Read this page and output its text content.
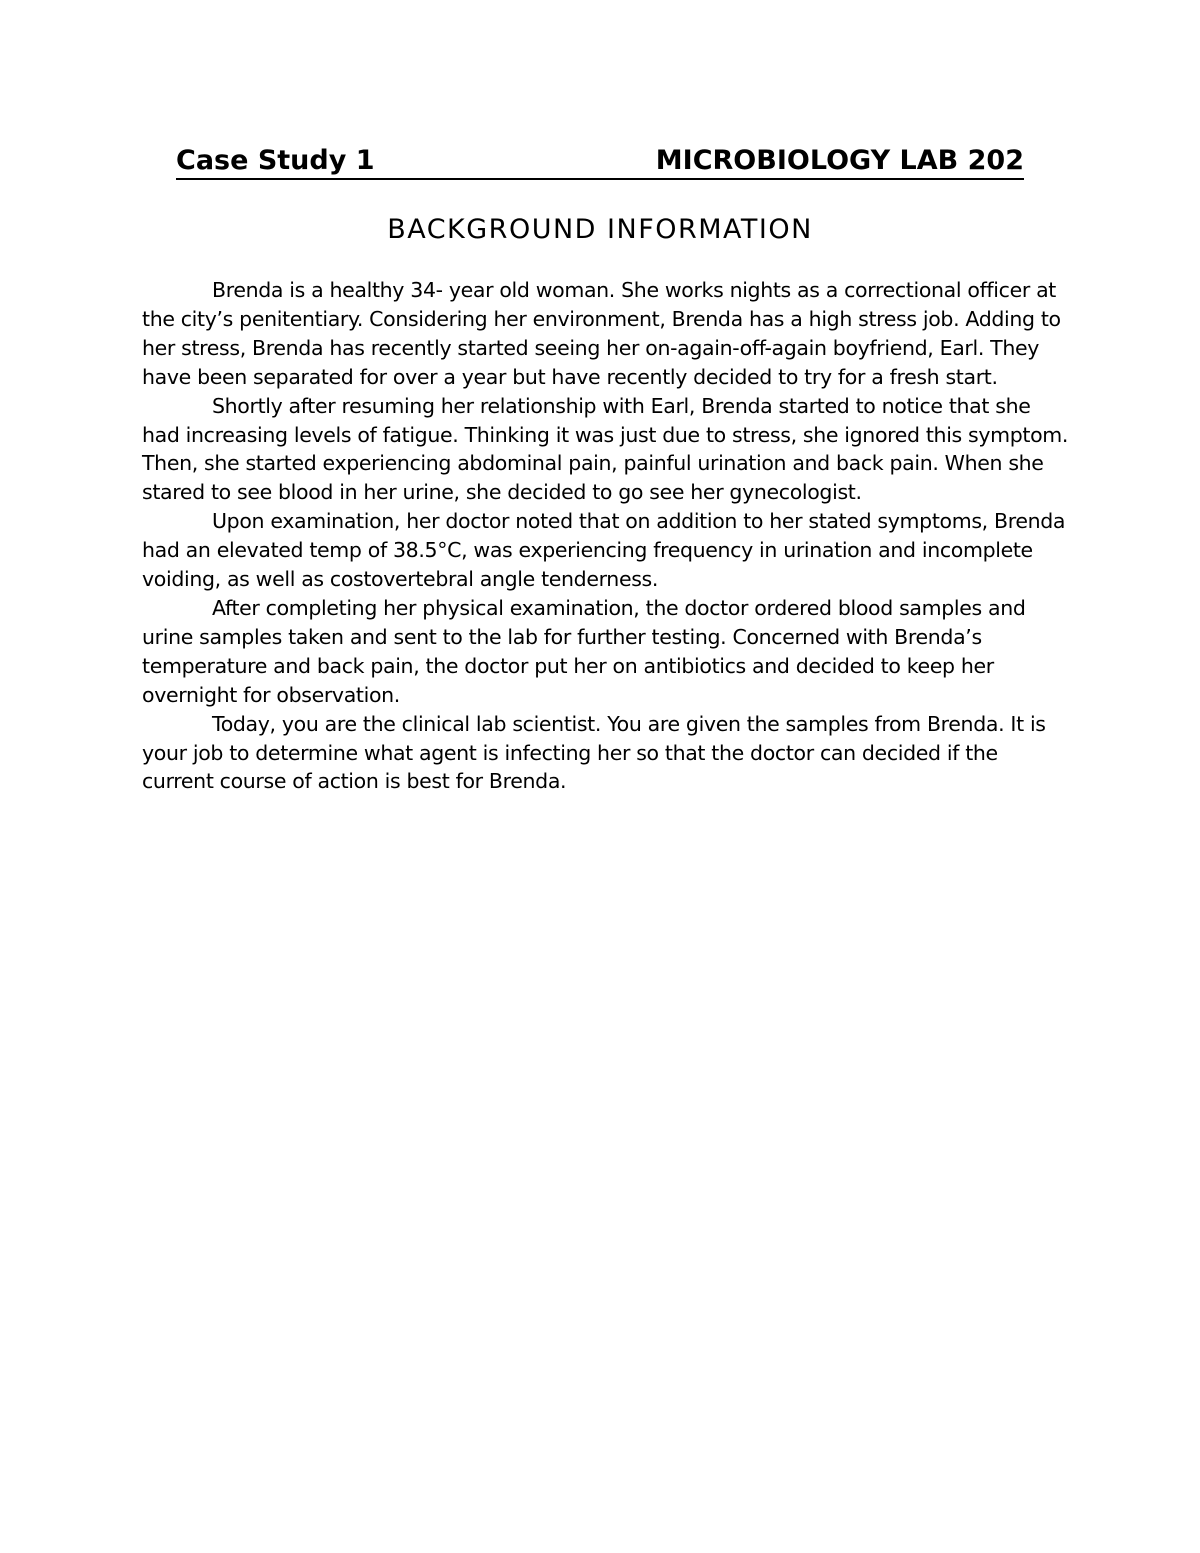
Case Study 1	MICROBIOLOGY LAB 202
BACKGROUND INFORMATION

Brenda is a healthy 34- year old woman. She works nights as a correctional officer at the city’s penitentiary. Considering her environment, Brenda has a high stress job. Adding to her stress, Brenda has recently started seeing her on-again-off-again boyfriend, Earl. They have been separated for over a year but have recently decided to try for a fresh start.

Shortly after resuming her relationship with Earl, Brenda started to notice that she had increasing levels of fatigue. Thinking it was just due to stress, she ignored this symptom. Then, she started experiencing abdominal pain, painful urination and back pain. When she stared to see blood in her urine, she decided to go see her gynecologist.

Upon examination, her doctor noted that on addition to her stated symptoms, Brenda had an elevated temp of 38.5°C, was experiencing frequency in urination and incomplete voiding, as well as costovertebral angle tenderness.

After completing her physical examination, the doctor ordered blood samples and urine samples taken and sent to the lab for further testing. Concerned with Brenda’s temperature and back pain, the doctor put her on antibiotics and decided to keep her overnight for observation.

Today, you are the clinical lab scientist. You are given the samples from Brenda. It is your job to determine what agent is infecting her so that the doctor can decided if the current course of action is best for Brenda.
